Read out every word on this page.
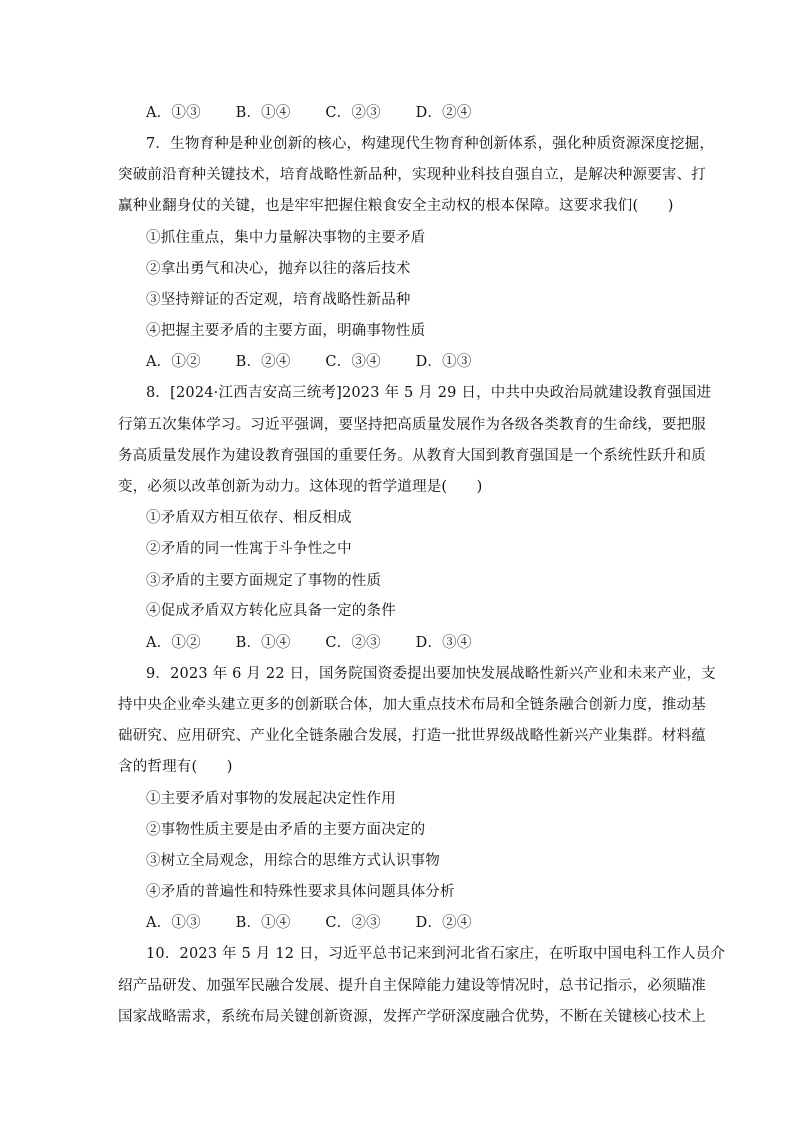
A．①③ B．①④ C．②③ D．②④
7．生物育种是种业创新的核心，构建现代生物育种创新体系，强化种质资源深度挖掘，
突破前沿育种关键技术，培育战略性新品种，实现种业科技自强自立，是解决种源要害、打
赢种业翻身仗的关键，也是牢牢把握住粮食安全主动权的根本保障。这要求我们(　　)
①抓住重点，集中力量解决事物的主要矛盾
②拿出勇气和决心，抛弃以往的落后技术
③坚持辩证的否定观，培育战略性新品种
④把握主要矛盾的主要方面，明确事物性质
A．①② B．②④ C．③④ D．①③
8．[2024·江西吉安高三统考]2023 年 5 月 29 日，中共中央政治局就建设教育强国进
行第五次集体学习。习近平强调，要坚持把高质量发展作为各级各类教育的生命线，要把服
务高质量发展作为建设教育强国的重要任务。从教育大国到教育强国是一个系统性跃升和质
变，必须以改革创新为动力。这体现的哲学道理是(　　)
①矛盾双方相互依存、相反相成
②矛盾的同一性寓于斗争性之中
③矛盾的主要方面规定了事物的性质
④促成矛盾双方转化应具备一定的条件
A．①② B．①④ C．②③ D．③④
9．2023 年 6 月 22 日，国务院国资委提出要加快发展战略性新兴产业和未来产业，支
持中央企业牵头建立更多的创新联合体，加大重点技术布局和全链条融合创新力度，推动基
础研究、应用研究、产业化全链条融合发展，打造一批世界级战略性新兴产业集群。材料蕴
含的哲理有(　　)
①主要矛盾对事物的发展起决定性作用
②事物性质主要是由矛盾的主要方面决定的
③树立全局观念，用综合的思维方式认识事物
④矛盾的普遍性和特殊性要求具体问题具体分析
A．①③ B．①④ C．②③ D．②④
10．2023 年 5 月 12 日，习近平总书记来到河北省石家庄，在听取中国电科工作人员介
绍产品研发、加强军民融合发展、提升自主保障能力建设等情况时，总书记指示，必须瞄准
国家战略需求，系统布局关键创新资源，发挥产学研深度融合优势，不断在关键核心技术上
